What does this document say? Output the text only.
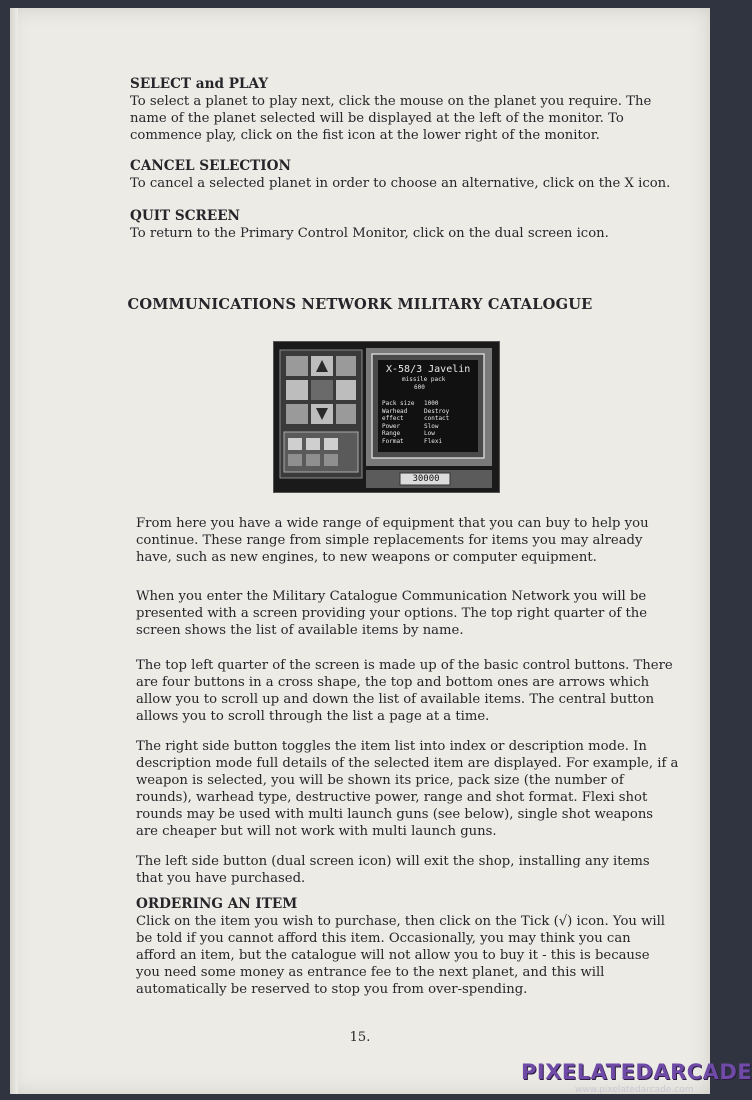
SELECT and PLAY
To select a planet to play next, click the mouse on the planet you require. The
name of the planet selected will be displayed at the left of the monitor. To
commence play, click on the fist icon at the lower right of the monitor.
CANCEL SELECTION
To cancel a selected planet in order to choose an alternative, click on the X icon.
QUIT SCREEN
To return to the Primary Control Monitor, click on the dual screen icon.
COMMUNICATIONS NETWORK MILITARY CATALOGUE
X-58/3 Javelin
missile pack
600
Pack size 1000
Warhead	Destroy
effect	contact
Power	Slow
Range	Low
Format	Flexi
30000
From here you have a wide range of equipment that you can buy to help you
continue. These range from simple replacements for items you may already
have, such as new engines, to new weapons or computer equipment.
When you enter the Military Catalogue Communication Network you will be
presented with a screen providing your options. The top right quarter of the
screen shows the list of available items by name.
The top left quarter of the screen is made up of the basic control buttons. There
are four buttons in a cross shape, the top and bottom ones are arrows which
allow you to scroll up and down the list of available items. The central button
allows you to scroll through the list a page at a time.
The right side button toggles the item list into index or description mode. In
description mode full details of the selected item are displayed. For example, if a
weapon is selected, you will be shown its price, pack size (the number of
rounds), warhead type, destructive power, range and shot format. Flexi shot
rounds may be used with multi launch guns (see below), single shot weapons
are cheaper but will not work with multi launch guns.
The left side button (dual screen icon) will exit the shop, installing any items
that you have purchased.
ORDERING AN ITEM
Click on the item you wish to purchase, then click on the Tick (√) icon. You will
be told if you cannot afford this item. Occasionally, you may think you can
afford an item, but the catalogue will not allow you to buy it - this is because
you need some money as entrance fee to the next planet, and this will
automatically be reserved to stop you from over-spending.
15.
PIXELATEDARCADE
www.pixelatedarcade.com
